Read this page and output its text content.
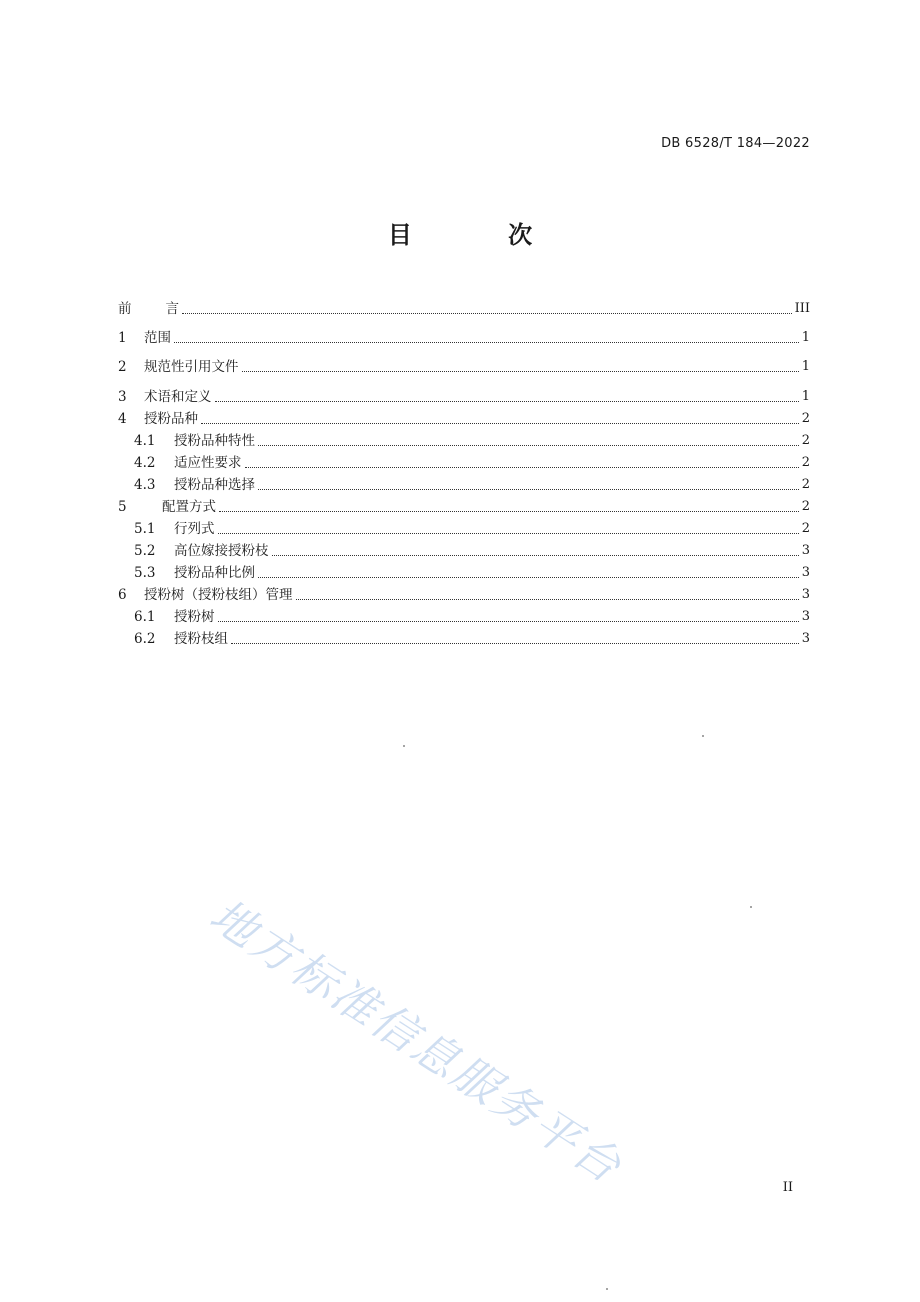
DB 6528/T 184—2022
目 次
前 言	III
1	范围	1
2	规范性引用文件	1
3	术语和定义	1
4	授粉品种	2
4.1	授粉品种特性	2
4.2	适应性要求	2
4.3	授粉品种选择	2
5	配置方式	2
5.1	行列式	2
5.2	高位嫁接授粉枝	3
5.3	授粉品种比例	3
6	授粉树（授粉枝组）管理	3
6.1	授粉树	3
6.2	授粉枝组	3
地方标准信息服务平台	II
